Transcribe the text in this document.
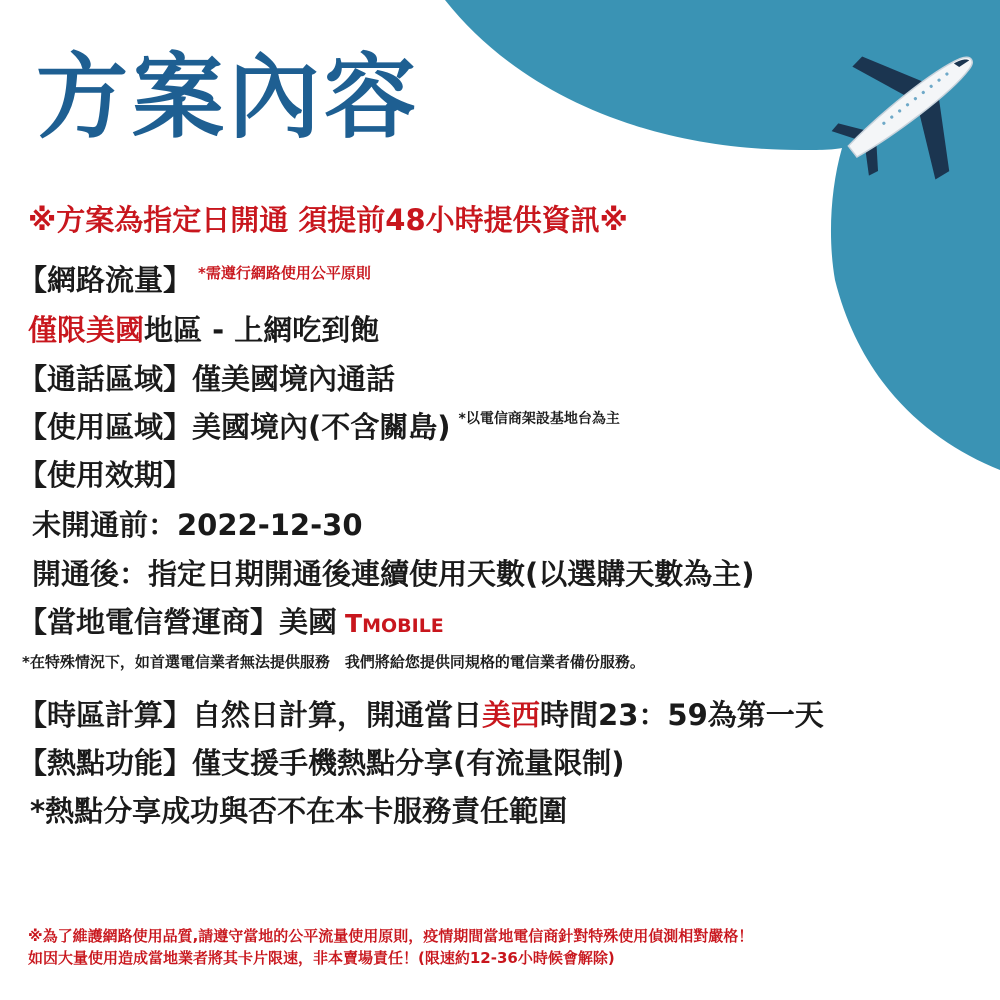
方案內容
※方案為指定日開通 須提前48小時提供資訊※
【網路流量】 $^{*需遵行網路使用公平原則}$
僅限美國地區 - 上網吃到飽
【通話區域】僅美國境內通話
【使用區域】美國境內(不含關島) $^{*以電信商架設基地台為主}$
【使用效期】
未開通前：2022-12-30
開通後：指定日期開通後連續使用天數(以選購天數為主)
【當地電信營運商】美國 TMOBILE
*在特殊情況下，如首選電信業者無法提供服務　我們將給您提供同規格的電信業者備份服務。
【時區計算】自然日計算，開通當日美西時間23：59為第一天
【熱點功能】僅支援手機熱點分享(有流量限制)
*熱點分享成功與否不在本卡服務責任範圍
※為了維護網路使用品質,請遵守當地的公平流量使用原則，疫情期間當地電信商針對特殊使用偵測相對嚴格！
如因大量使用造成當地業者將其卡片限速，非本賣場責任！(限速約12-36小時候會解除)
